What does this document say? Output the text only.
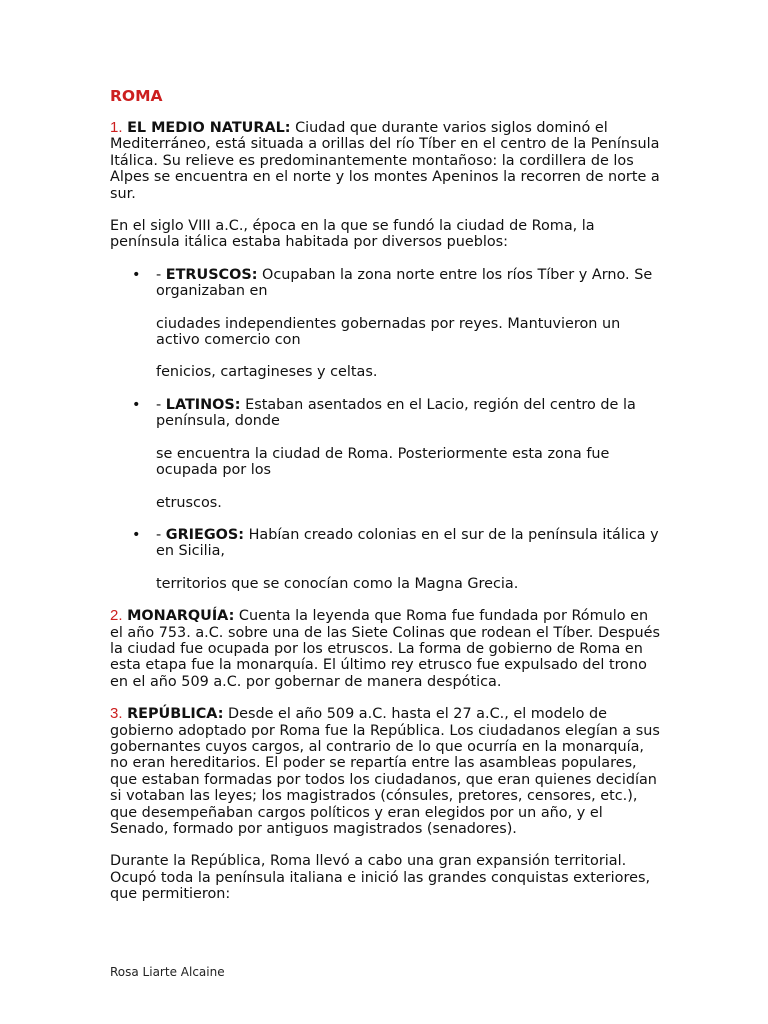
ROMA

1. EL MEDIO NATURAL: Ciudad que durante varios siglos dominó el Mediterráneo, está situada a orillas del río Tíber en el centro de la Península Itálica. Su relieve es predominantemente montañoso: la cordillera de los Alpes se encuentra en el norte y los montes Apeninos la recorren de norte a sur.

En el siglo VIII a.C., época en la que se fundó la ciudad de Roma, la península itálica estaba habitada por diversos pueblos:

• - ETRUSCOS: Ocupaban la zona norte entre los ríos Tíber y Arno. Se organizaban en

ciudades independientes gobernadas por reyes. Mantuvieron un activo comercio con

fenicios, cartagineses y celtas.

• - LATINOS: Estaban asentados en el Lacio, región del centro de la península, donde

se encuentra la ciudad de Roma. Posteriormente esta zona fue ocupada por los

etruscos.

• - GRIEGOS: Habían creado colonias en el sur de la península itálica y en Sicilia,

territorios que se conocían como la Magna Grecia.

2. MONARQUÍA: Cuenta la leyenda que Roma fue fundada por Rómulo en el año 753. a.C. sobre una de las Siete Colinas que rodean el Tíber. Después la ciudad fue ocupada por los etruscos. La forma de gobierno de Roma en esta etapa fue la monarquía. El último rey etrusco fue expulsado del trono en el año 509 a.C. por gobernar de manera despótica.

3. REPÚBLICA: Desde el año 509 a.C. hasta el 27 a.C., el modelo de gobierno adoptado por Roma fue la República. Los ciudadanos elegían a sus gobernantes cuyos cargos, al contrario de lo que ocurría en la monarquía, no eran hereditarios. El poder se repartía entre las asambleas populares, que estaban formadas por todos los ciudadanos, que eran quienes decidían si votaban las leyes; los magistrados (cónsules, pretores, censores, etc.), que desempeñaban cargos políticos y eran elegidos por un año, y el Senado, formado por antiguos magistrados (senadores).

Durante la República, Roma llevó a cabo una gran expansión territorial. Ocupó toda la península italiana e inició las grandes conquistas exteriores, que permitieron:

Rosa Liarte Alcaine
